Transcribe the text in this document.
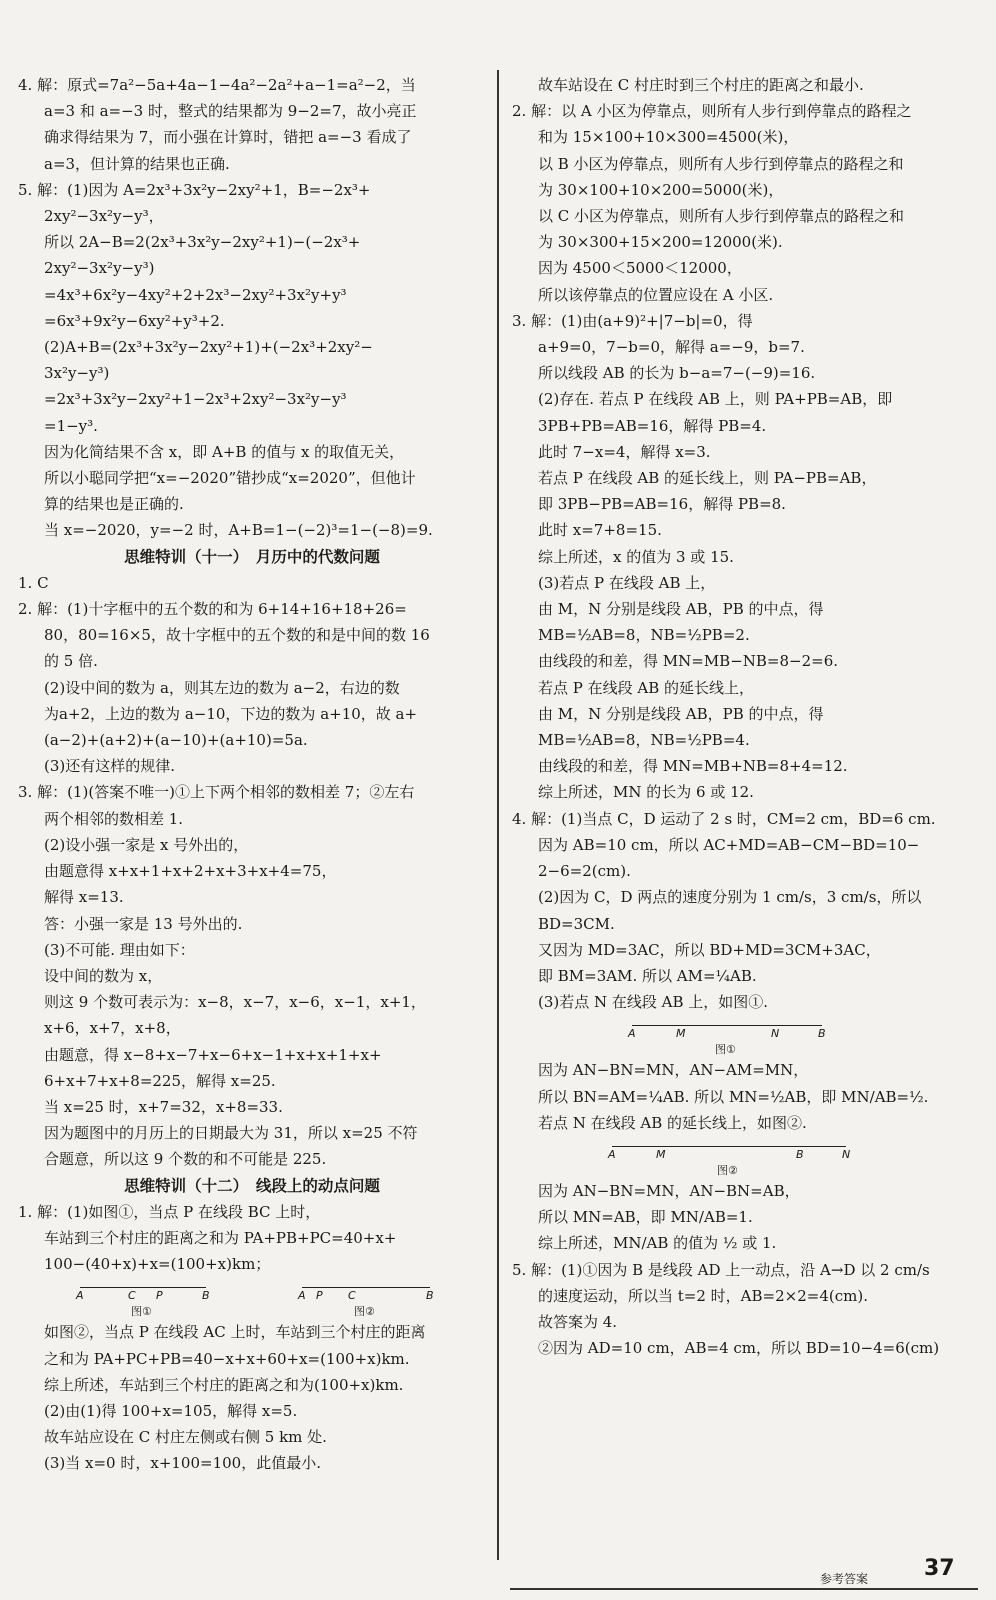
4. 解：原式=7a²−5a+4a−1−4a²−2a²+a−1=a²−2，当
a=3 和 a=−3 时，整式的结果都为 9−2=7，故小亮正
确求得结果为 7，而小强在计算时，错把 a=−3 看成了
a=3，但计算的结果也正确.
5. 解：(1)因为 A=2x³+3x²y−2xy²+1，B=−2x³+
2xy²−3x²y−y³，
所以 2A−B=2(2x³+3x²y−2xy²+1)−(−2x³+
2xy²−3x²y−y³)
=4x³+6x²y−4xy²+2+2x³−2xy²+3x²y+y³
=6x³+9x²y−6xy²+y³+2.
(2)A+B=(2x³+3x²y−2xy²+1)+(−2x³+2xy²−
3x²y−y³)
=2x³+3x²y−2xy²+1−2x³+2xy²−3x²y−y³
=1−y³.
因为化简结果不含 x，即 A+B 的值与 x 的取值无关，
所以小聪同学把“x=−2020”错抄成“x=2020”，但他计
算的结果也是正确的.
当 x=−2020，y=−2 时，A+B=1−(−2)³=1−(−8)=9.
思维特训（十一）　月历中的代数问题
1. C
2. 解：(1)十字框中的五个数的和为 6+14+16+18+26=
80，80=16×5，故十字框中的五个数的和是中间的数 16
的 5 倍.
(2)设中间的数为 a，则其左边的数为 a−2，右边的数
为a+2，上边的数为 a−10，下边的数为 a+10，故 a+
(a−2)+(a+2)+(a−10)+(a+10)=5a.
(3)还有这样的规律.
3. 解：(1)(答案不唯一)①上下两个相邻的数相差 7；②左右
两个相邻的数相差 1.
(2)设小强一家是 x 号外出的，
由题意得 x+x+1+x+2+x+3+x+4=75，
解得 x=13.
答：小强一家是 13 号外出的.
(3)不可能. 理由如下：
设中间的数为 x，
则这 9 个数可表示为：x−8，x−7，x−6，x−1，x+1，
x+6，x+7，x+8，
由题意，得 x−8+x−7+x−6+x−1+x+x+1+x+
6+x+7+x+8=225，解得 x=25.
当 x=25 时，x+7=32，x+8=33.
因为题图中的月历上的日期最大为 31，所以 x=25 不符
合题意，所以这 9 个数的和不可能是 225.
思维特训（十二）　线段上的动点问题
1. 解：(1)如图①，当点 P 在线段 BC 上时，
车站到三个村庄的距离之和为 PA+PB+PC=40+x+
100−(40+x)+x=(100+x)km；
A	C P	B
图①
A P C	B
图②
如图②，当点 P 在线段 AC 上时，车站到三个村庄的距离
之和为 PA+PC+PB=40−x+x+60+x=(100+x)km.
综上所述，车站到三个村庄的距离之和为(100+x)km.
(2)由(1)得 100+x=105，解得 x=5.
故车站应设在 C 村庄左侧或右侧 5 km 处.
(3)当 x=0 时，x+100=100，此值最小.
故车站设在 C 村庄时到三个村庄的距离之和最小.
2. 解：以 A 小区为停靠点，则所有人步行到停靠点的路程之
和为 15×100+10×300=4500(米)，
以 B 小区为停靠点，则所有人步行到停靠点的路程之和
为 30×100+10×200=5000(米)，
以 C 小区为停靠点，则所有人步行到停靠点的路程之和
为 30×300+15×200=12000(米).
因为 4500＜5000＜12000，
所以该停靠点的位置应设在 A 小区.
3. 解：(1)由(a+9)²+|7−b|=0，得
a+9=0，7−b=0，解得 a=−9，b=7.
所以线段 AB 的长为 b−a=7−(−9)=16.
(2)存在. 若点 P 在线段 AB 上，则 PA+PB=AB，即
3PB+PB=AB=16，解得 PB=4.
此时 7−x=4，解得 x=3.
若点 P 在线段 AB 的延长线上，则 PA−PB=AB，
即 3PB−PB=AB=16，解得 PB=8.
此时 x=7+8=15.
综上所述，x 的值为 3 或 15.
(3)若点 P 在线段 AB 上，
由 M，N 分别是线段 AB，PB 的中点，得
MB=½AB=8，NB=½PB=2.
由线段的和差，得 MN=MB−NB=8−2=6.
若点 P 在线段 AB 的延长线上，
由 M，N 分别是线段 AB，PB 的中点，得
MB=½AB=8，NB=½PB=4.
由线段的和差，得 MN=MB+NB=8+4=12.
综上所述，MN 的长为 6 或 12.
4. 解：(1)当点 C，D 运动了 2 s 时，CM=2 cm，BD=6 cm.
因为 AB=10 cm，所以 AC+MD=AB−CM−BD=10−
2−6=2(cm).
(2)因为 C，D 两点的速度分别为 1 cm/s，3 cm/s，所以
BD=3CM.
又因为 MD=3AC，所以 BD+MD=3CM+3AC，
即 BM=3AM. 所以 AM=¼AB.
(3)若点 N 在线段 AB 上，如图①.
A	M	N	B
图①
因为 AN−BN=MN，AN−AM=MN，
所以 BN=AM=¼AB. 所以 MN=½AB，即 MN/AB=½.
若点 N 在线段 AB 的延长线上，如图②.
A	M	B	N
图②
因为 AN−BN=MN，AN−BN=AB，
所以 MN=AB，即 MN/AB=1.
综上所述，MN/AB 的值为 ½ 或 1.
5. 解：(1)①因为 B 是线段 AD 上一动点，沿 A→D 以 2 cm/s
的速度运动，所以当 t=2 时，AB=2×2=4(cm).
故答案为 4.
②因为 AD=10 cm，AB=4 cm，所以 BD=10−4=6(cm)
参考答案	37
